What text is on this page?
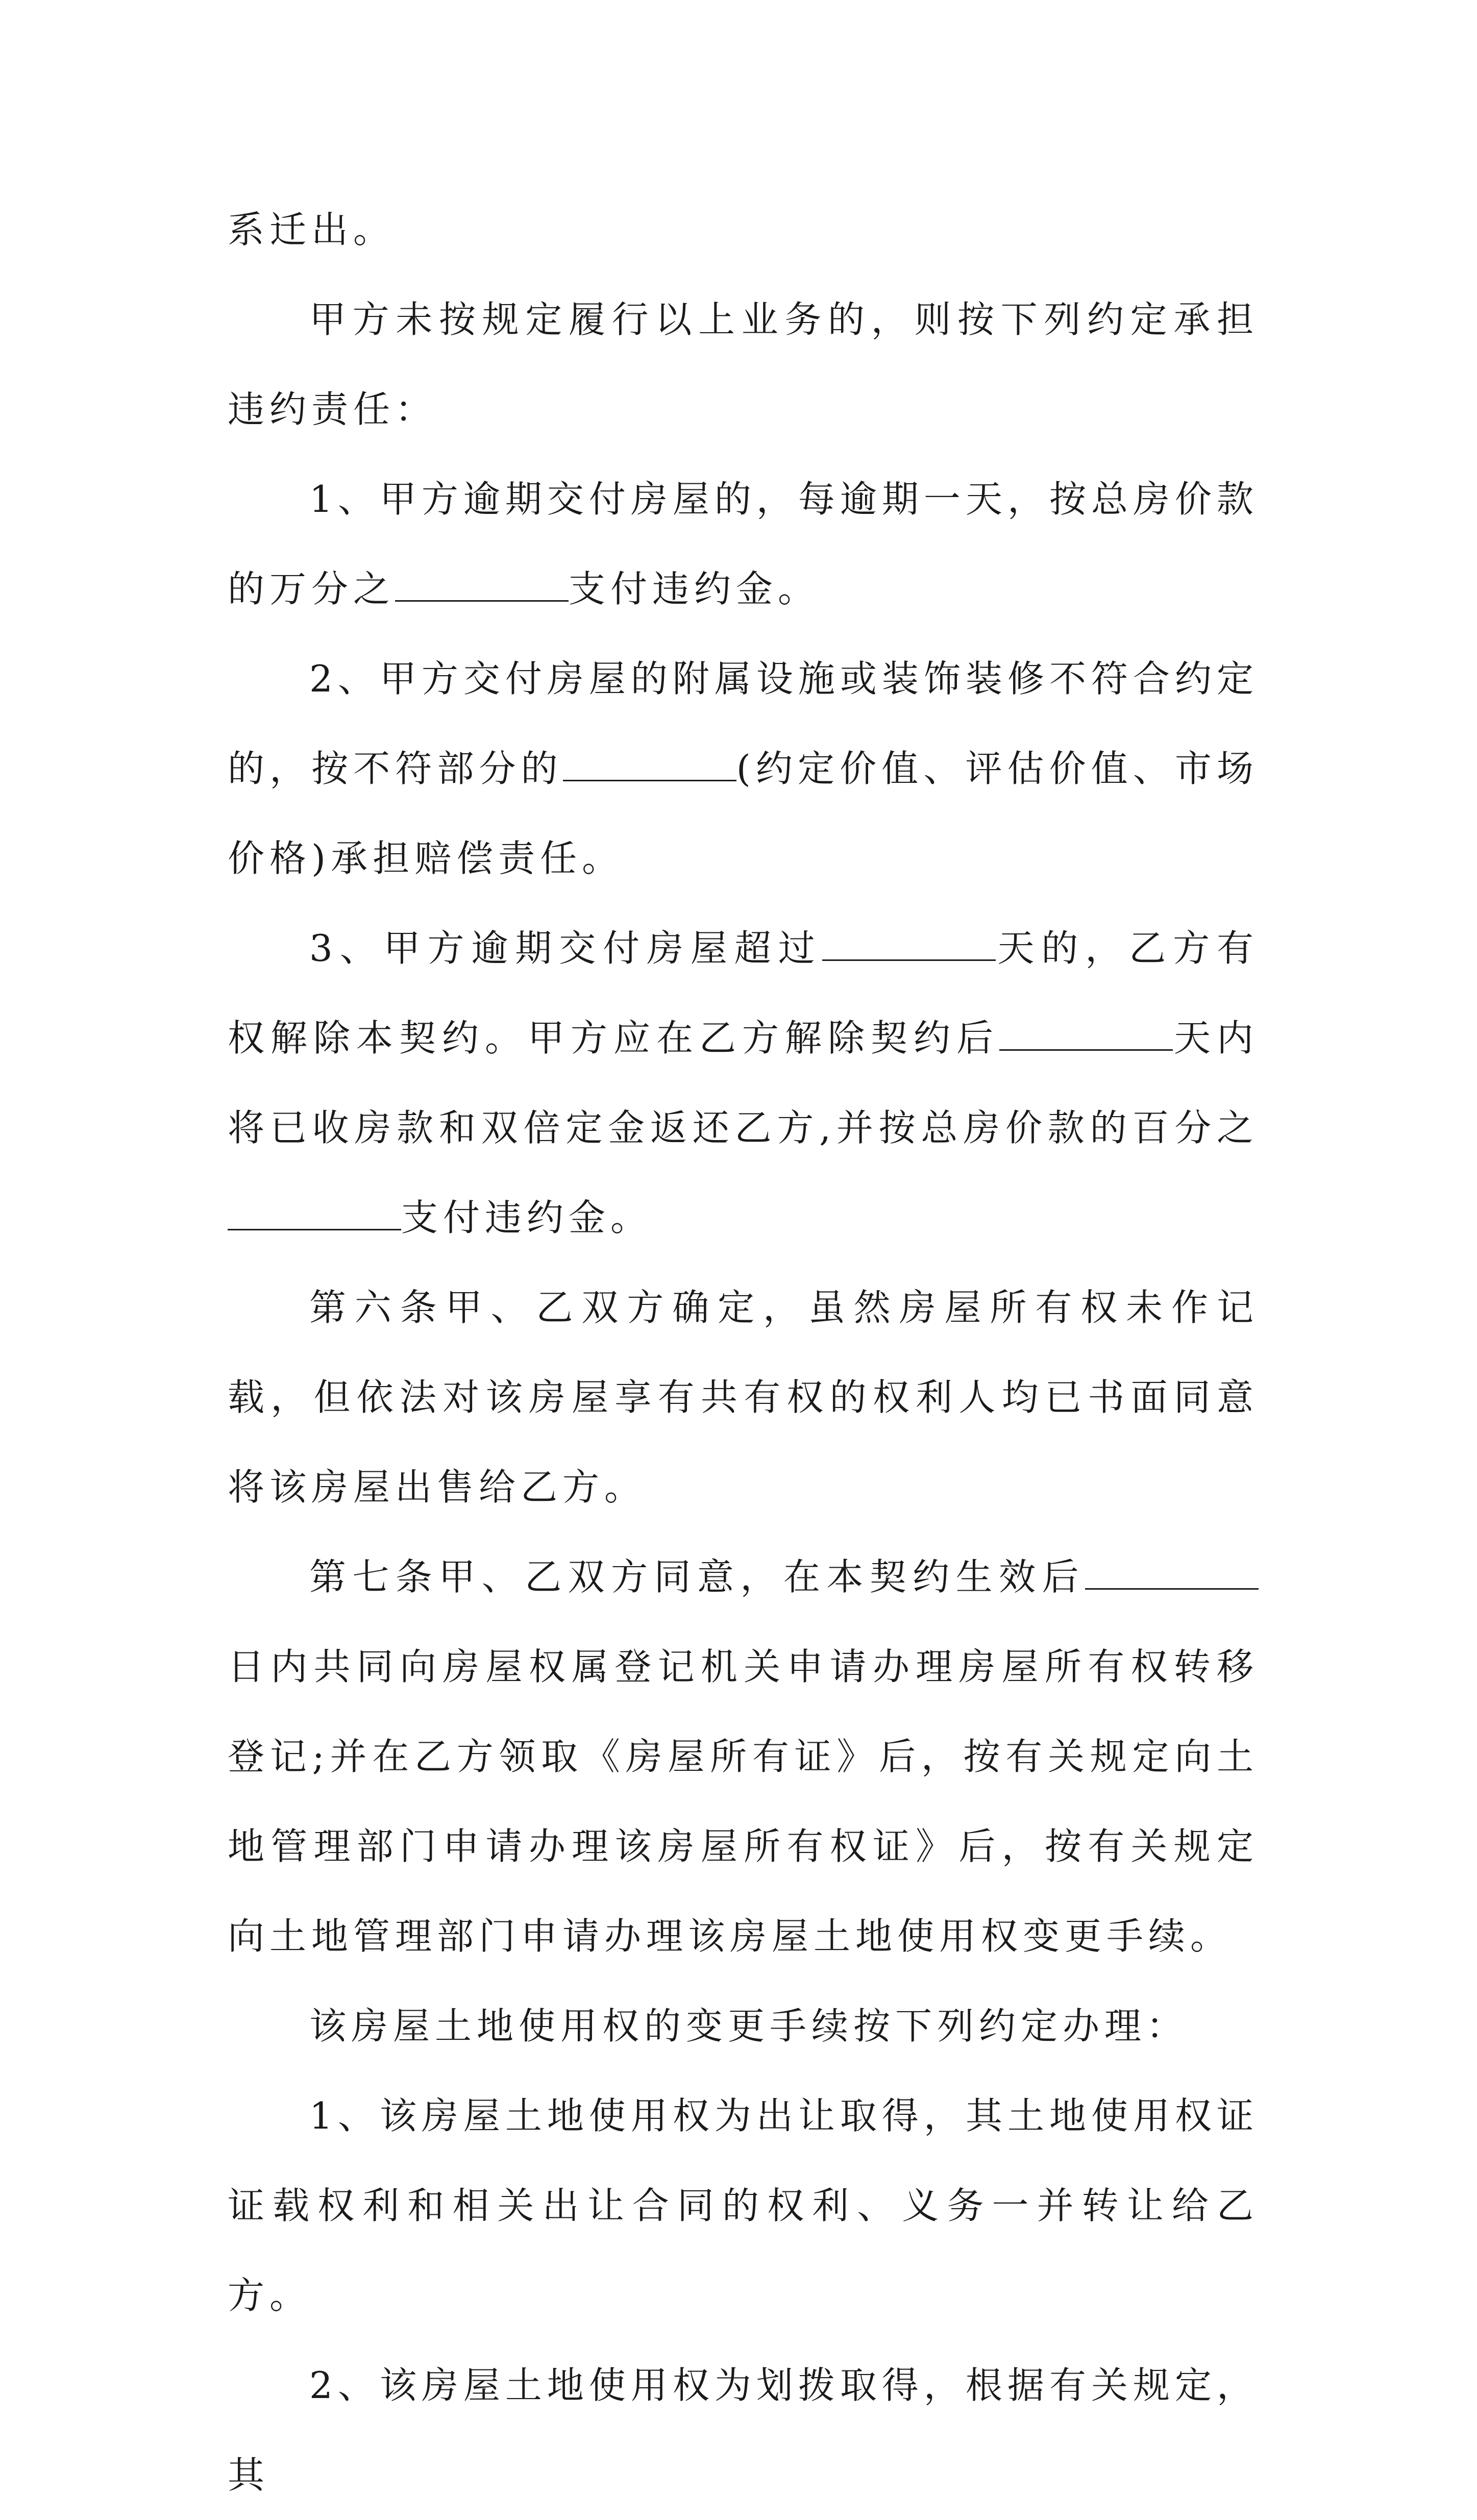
系迁出。

甲方未按规定履行以上业务的，则按下列约定承担违约责任：

1、甲方逾期交付房屋的，每逾期一天，按总房价款的万分之	支付违约金。

2、甲方交付房屋的附属设施或装饰装修不符合约定的，按不符部分的	(约定价值、评估价值、市场价格)承担赔偿责任。

3、甲方逾期交付房屋超过	天的，乙方有权解除本契约。甲方应在乙方解除契约后	天内将已收房款和双倍定金返还乙方,并按总房价款的百分之支付违约金。

第六条甲、乙双方确定，虽然房屋所有权未作记载，但依法对该房屋享有共有权的权利人均已书面同意将该房屋出售给乙方。

第七条甲、乙双方同意，在本契约生效后日内共同向房屋权属登记机关申请办理房屋所有权转移登记;并在乙方领取《房屋所有证》后，按有关规定向土地管理部门申请办理该房屋所有权证》后，按有关规定向土地管理部门申请办理该房屋土地使用权变更手续。

该房屋土地使用权的变更手续按下列约定办理：

1、该房屋土地使用权为出让取得，其土地使用权证证载权利和相关出让合同的权利、义务一并转让给乙方。

2、该房屋土地使用权为划拨取得，根据有关规定，其
